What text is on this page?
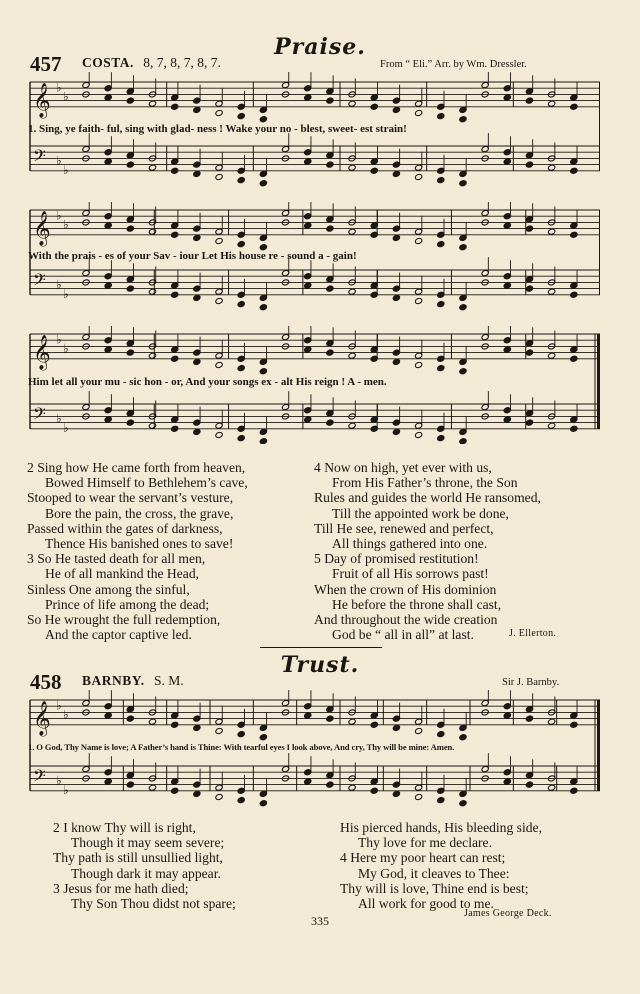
Praise.
457 COSTA. 8, 7, 8, 7, 8, 7.	From “ Eli.” Arr. by Wm. Dressler.
𝄞 ♭
♭
𝄢 ♭
♭
1. Sing, ye faith- ful, sing with glad- ness ! Wake your no - blest, sweet- est strain!
𝄞 ♭
♭
𝄢 ♭
♭
With the prais - es of your Sav - iour Let His house re - sound a - gain!
𝄞 ♭
♭
𝄢 ♭
♭
Him let all your mu - sic hon - or, And your songs ex - alt His reign ! A - men.
2 Sing how He came forth from heaven,
Bowed Himself to Bethlehem’s cave,
Stooped to wear the servant’s vesture,
Bore the pain, the cross, the grave,
Passed within the gates of darkness,
Thence His banished ones to save!
3 So He tasted death for all men,
He of all mankind the Head,
Sinless One among the sinful,
Prince of life among the dead;
So He wrought the full redemption,
And the captor captive led.
4 Now on high, yet ever with us,
From His Father’s throne, the Son
Rules and guides the world He ransomed,
Till the appointed work be done,
Till He see, renewed and perfect,
All things gathered into one.
5 Day of promised restitution!
Fruit of all His sorrows past!
When the crown of His dominion
He before the throne shall cast,
And throughout the wide creation
God be “ all in all” at last.	J. Ellerton.
Trust.
458 BARNBY. S. M.	Sir J. Barnby.
𝄞 ♭
♭
𝄢 ♭
♭
1. O God, Thy Name is love; A Father’s hand is Thine: With tearful eyes I look above, And cry, Thy will be mine: Amen.
2 I know Thy will is right,
Though it may seem severe;
Thy path is still unsullied light,
Though dark it may appear.
3 Jesus for me hath died;
Thy Son Thou didst not spare;
His pierced hands, His bleeding side,
Thy love for me declare.
4 Here my poor heart can rest;
My God, it cleaves to Thee:
Thy will is love, Thine end is best;
All work for good to me.
James George Deck.
335
